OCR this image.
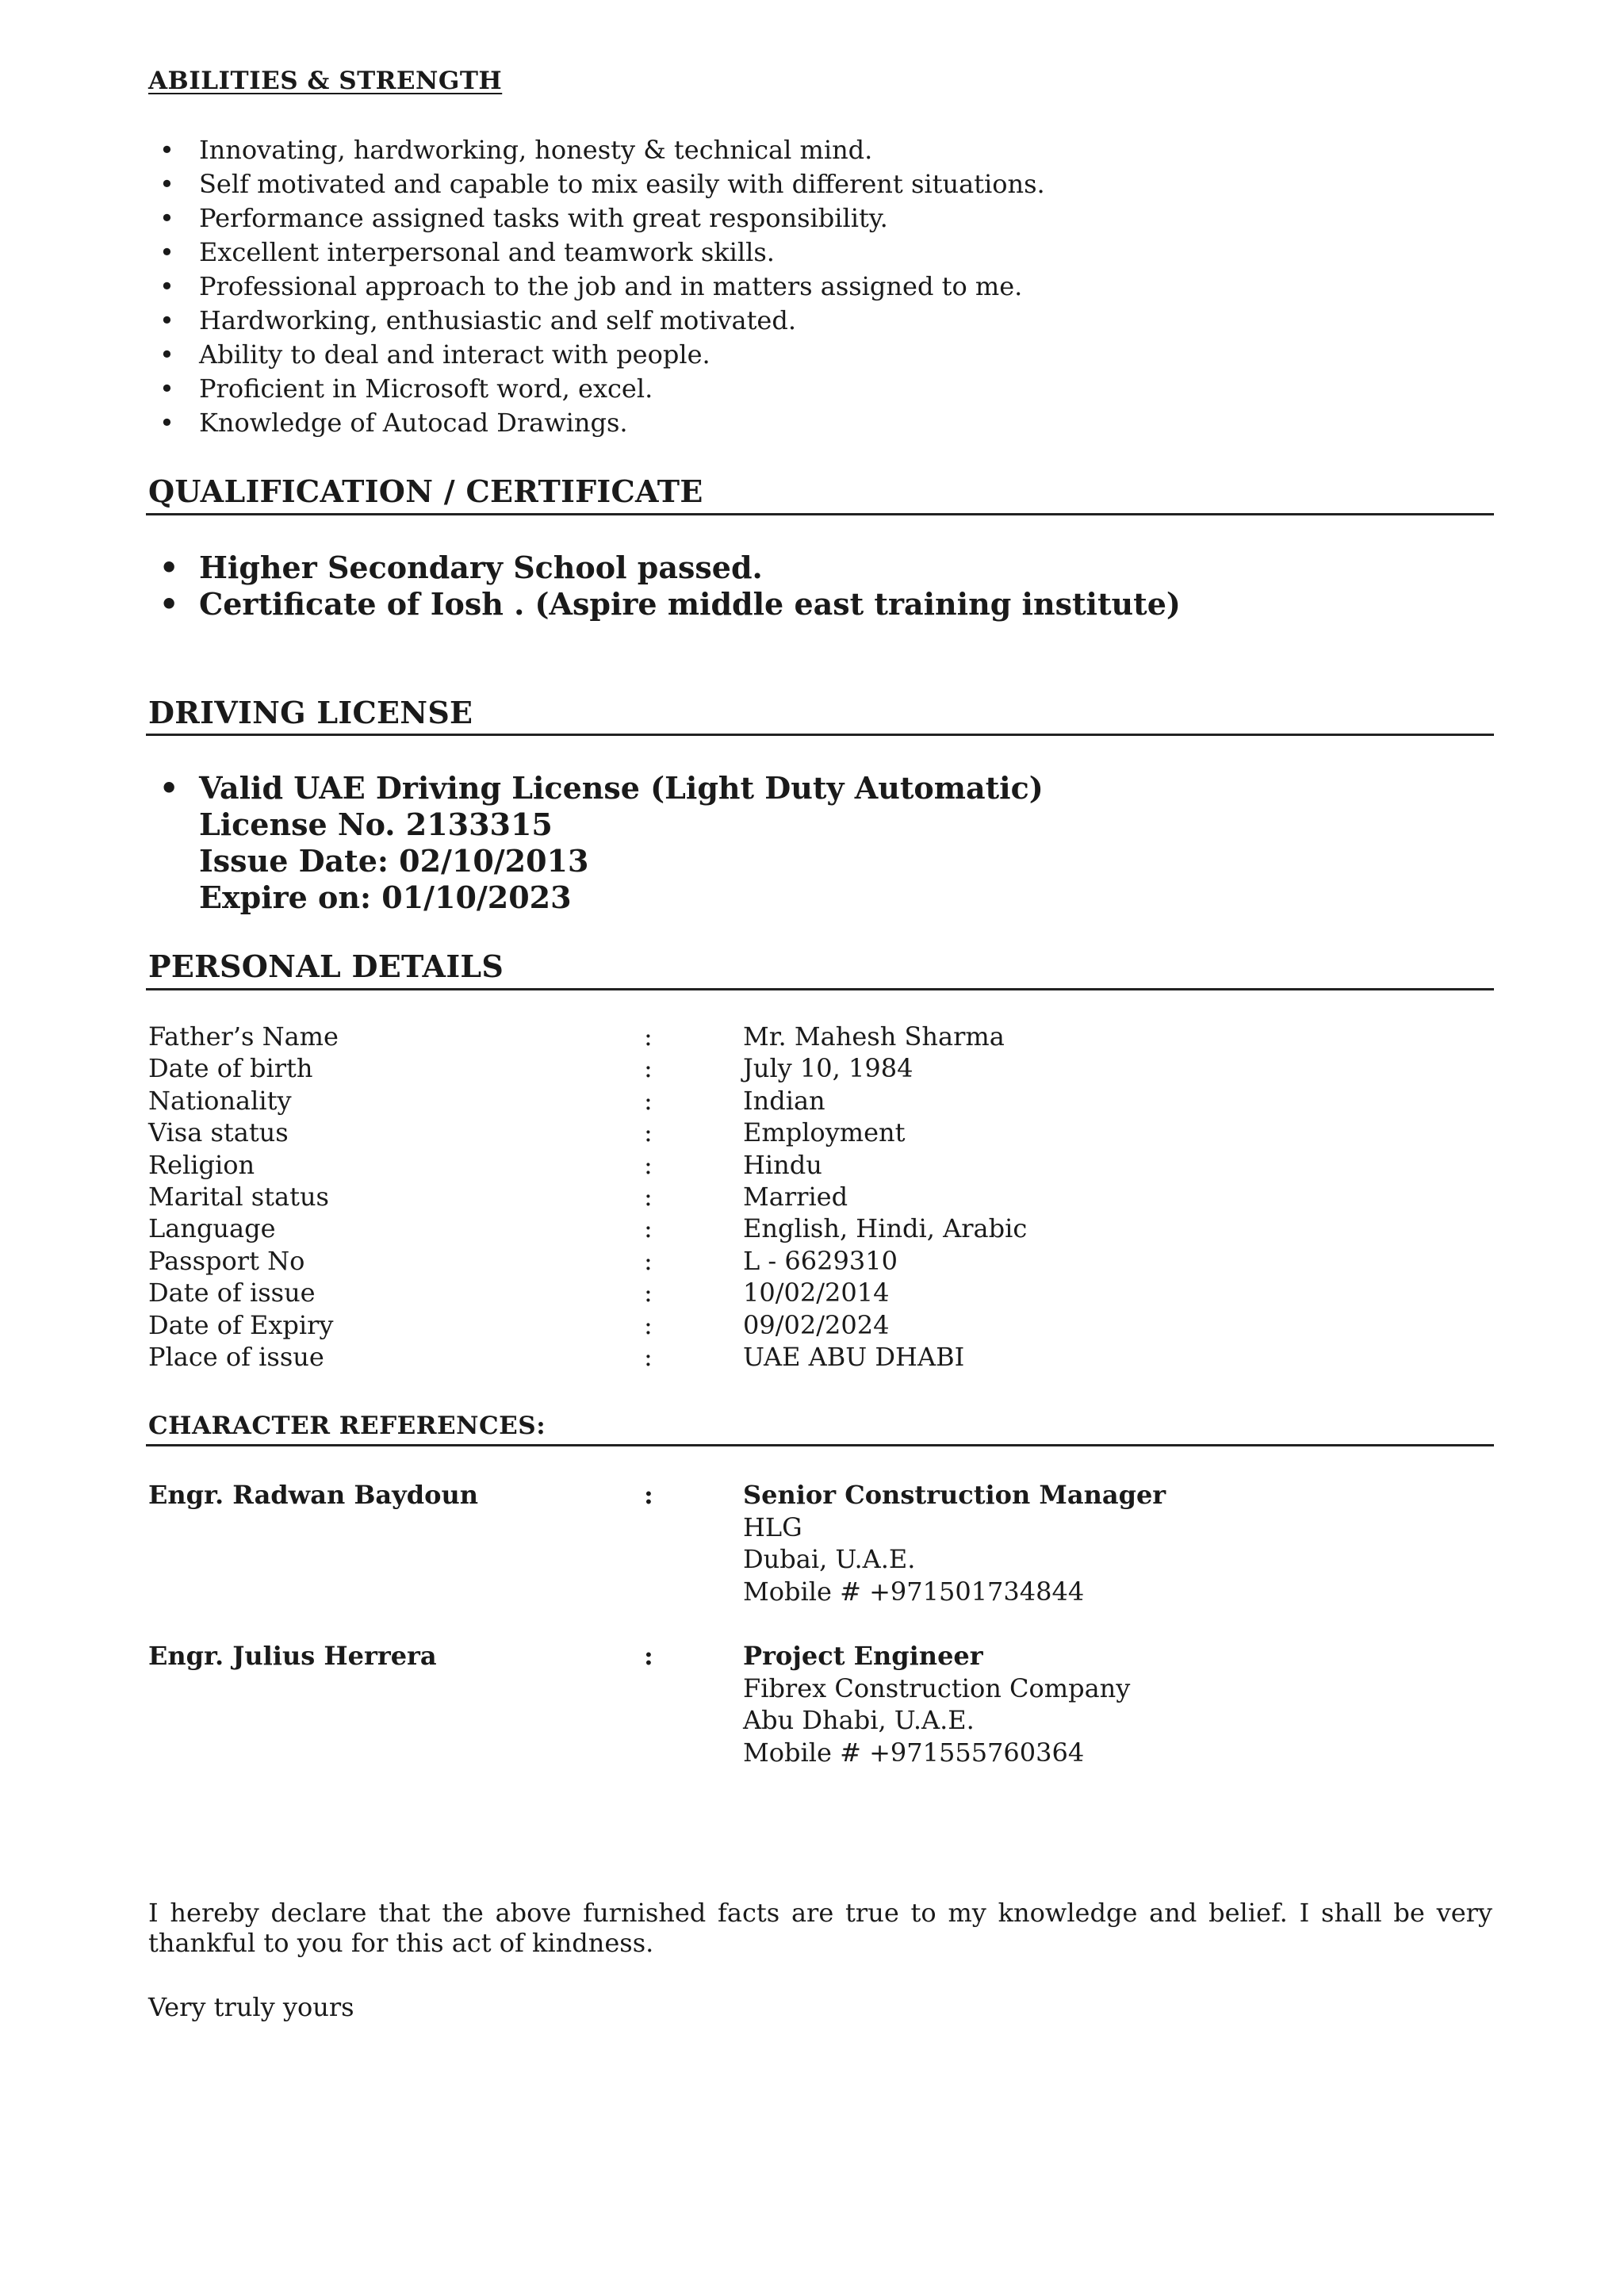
ABILITIES & STRENGTH
• Innovating, hardworking, honesty & technical mind.
• Self motivated and capable to mix easily with different situations.
• Performance assigned tasks with great responsibility.
• Excellent interpersonal and teamwork skills.
• Professional approach to the job and in matters assigned to me.
• Hardworking, enthusiastic and self motivated.
• Ability to deal and interact with people.
• Proficient in Microsoft word, excel.
• Knowledge of Autocad Drawings.
QUALIFICATION / CERTIFICATE
• Higher Secondary School passed.
• Certificate of Iosh . (Aspire middle east training institute)
DRIVING LICENSE
• Valid UAE Driving License (Light Duty Automatic)
License No. 2133315
Issue Date: 02/10/2013
Expire on: 01/10/2023
PERSONAL DETAILS
Father’s Name	:	Mr. Mahesh Sharma
Date of birth	:	July 10, 1984
Nationality	:	Indian
Visa status	:	Employment
Religion	:	Hindu
Marital status	:	Married
Language	:	English, Hindi, Arabic
Passport No	:	L - 6629310
Date of issue	:	10/02/2014
Date of Expiry	:	09/02/2024
Place of issue	:	UAE ABU DHABI
CHARACTER REFERENCES:
Engr. Radwan Baydoun	:	Senior Construction Manager
HLG
Dubai, U.A.E.
Mobile # +971501734844
Engr. Julius Herrera	:	Project Engineer
Fibrex Construction Company
Abu Dhabi, U.A.E.
Mobile # +971555760364
I hereby declare that the above furnished facts are true to my knowledge and belief. I shall be very thankful to you for this act of kindness.
Very truly yours
